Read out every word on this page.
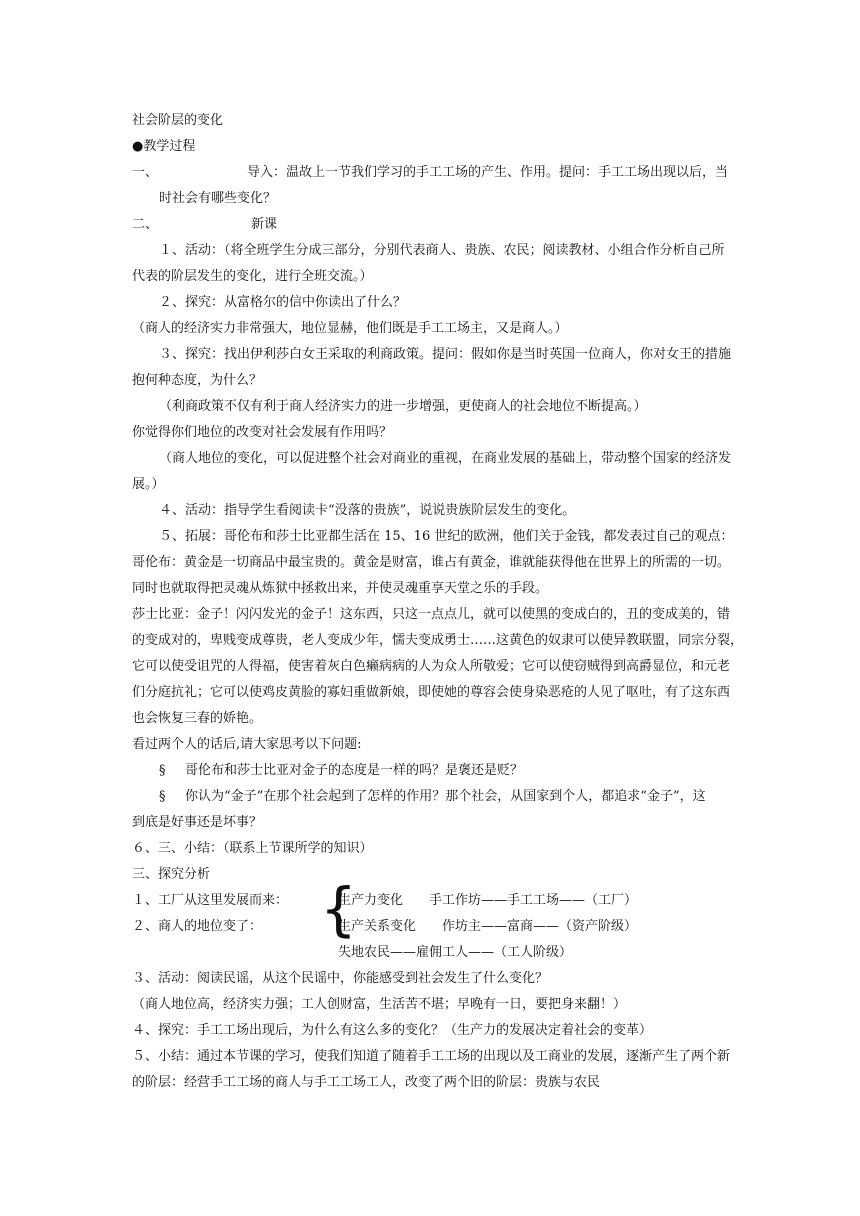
社会阶层的变化
●教学过程
一、	导入：温故上一节我们学习的手工工场的产生、作用。提问：手工工场出现以后，当
时社会有哪些变化？
二、	新课
１、活动：（将全班学生分成三部分，分别代表商人、贵族、农民；阅读教材、小组合作分析自己所
代表的阶层发生的变化，进行全班交流。）
２、探究：从富格尔的信中你读出了什么？
（商人的经济实力非常强大，地位显赫，他们既是手工工场主，又是商人。）
３、探究：找出伊利莎白女王采取的利商政策。提问：假如你是当时英国一位商人，你对女王的措施
抱何种态度，为什么？
（利商政策不仅有利于商人经济实力的进一步增强，更使商人的社会地位不断提高。）
你觉得你们地位的改变对社会发展有作用吗？
（商人地位的变化，可以促进整个社会对商业的重视，在商业发展的基础上，带动整个国家的经济发
展。）
４、活动：指导学生看阅读卡“没落的贵族”，说说贵族阶层发生的变化。
５、拓展：哥伦布和莎士比亚都生活在 15、16 世纪的欧洲，他们关于金钱，都发表过自己的观点：
哥伦布：黄金是一切商品中最宝贵的。黄金是财富，谁占有黄金，谁就能获得他在世界上的所需的一切。
同时也就取得把灵魂从炼狱中拯救出来，并使灵魂重享天堂之乐的手段。
莎士比亚：金子！闪闪发光的金子！这东西，只这一点点儿，就可以使黑的变成白的，丑的变成美的，错
的变成对的，卑贱变成尊贵，老人变成少年，懦夫变成勇士……这黄色的奴隶可以使异教联盟，同宗分裂，
它可以使受诅咒的人得福，使害着灰白色癞病病的人为众人所敬爱；它可以使窃贼得到高爵显位，和元老
们分庭抗礼；它可以使鸡皮黄脸的寡妇重做新娘，即使她的尊容会使身染恶疮的人见了呕吐，有了这东西
也会恢复三春的娇艳。
看过两个人的话后,请大家思考以下问题:
§ 哥伦布和莎士比亚对金子的态度是一样的吗？是褒还是贬？
§ 你认为“金子”在那个社会起到了怎样的作用？那个社会，从国家到个人，都追求“金子”，这
到底是好事还是坏事？
６、三、小结：（联系上节课所学的知识）
三、探究分析
１、工厂从这里发展而来：
２、商人的地位变了： {
生产力变化　　手工作坊——手工工场——（工厂）
生产关系变化　　作坊主——富商——（资产阶级）
失地农民——雇佣工人——（工人阶级）
３、活动：阅读民谣，从这个民谣中，你能感受到社会发生了什么变化？
（商人地位高，经济实力强；工人创财富，生活苦不堪；早晚有一日，要把身来翻！）
４、探究：手工工场出现后，为什么有这么多的变化？（生产力的发展决定着社会的变革）
５、小结：通过本节课的学习，使我们知道了随着手工工场的出现以及工商业的发展，逐渐产生了两个新
的阶层：经营手工工场的商人与手工工场工人，改变了两个旧的阶层：贵族与农民
